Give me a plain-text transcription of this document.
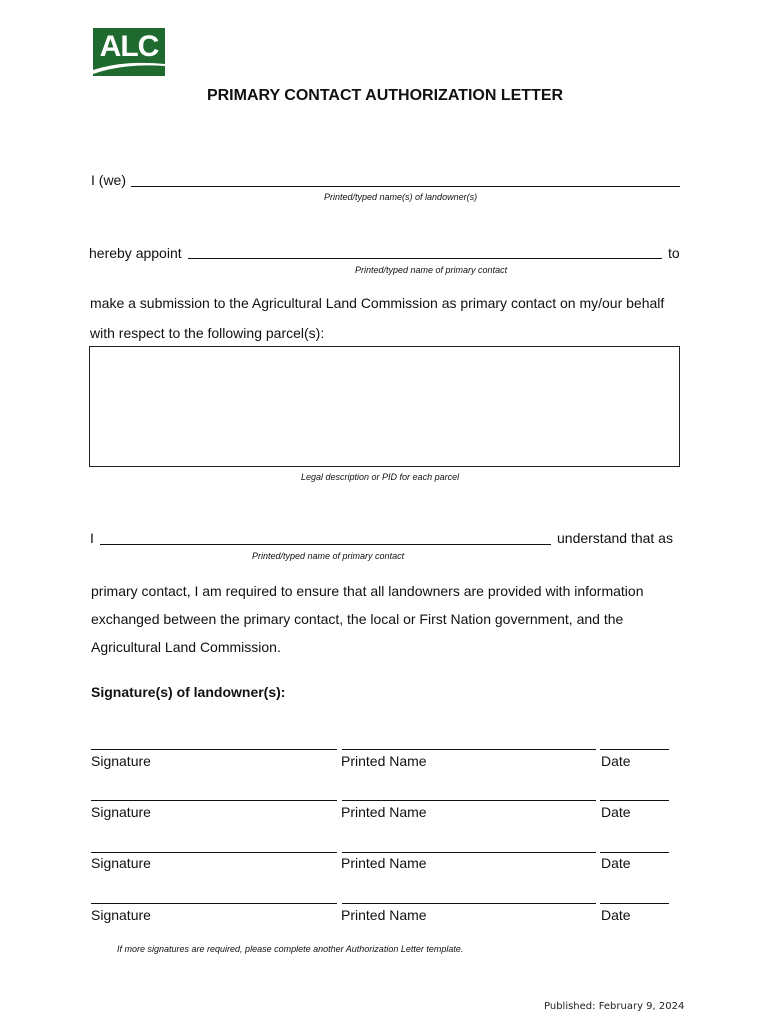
ALC
PRIMARY CONTACT AUTHORIZATION LETTER
I (we)
Printed/typed name(s) of landowner(s)
hereby appoint	to
Printed/typed name of primary contact
make a submission to the Agricultural Land Commission as primary contact on my/our behalf
with respect to the following parcel(s):
Legal description or PID for each parcel
I	understand that as
Printed/typed name of primary contact
primary contact, I am required to ensure that all landowners are provided with information
exchanged between the primary contact, the local or First Nation government, and the
Agricultural Land Commission.
Signature(s) of landowner(s):
Signature	Printed Name	Date
Signature	Printed Name	Date
Signature	Printed Name	Date
Signature	Printed Name	Date
If more signatures are required, please complete another Authorization Letter template.
Published: February 9, 2024
